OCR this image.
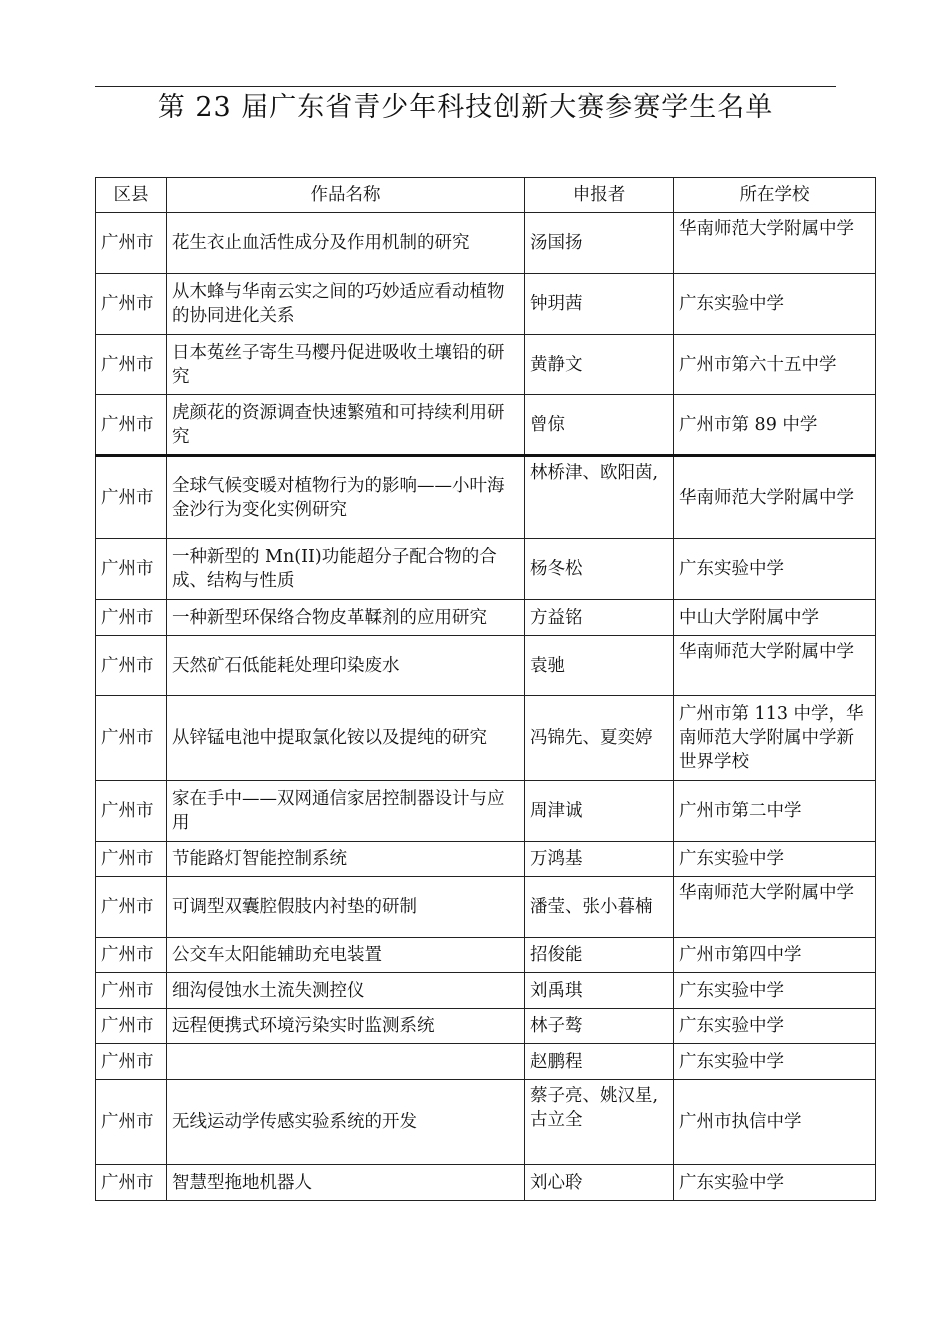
第 23 届广东省青少年科技创新大赛参赛学生名单
区县	作品名称	申报者	所在学校
广州市	花生衣止血活性成分及作用机制的研究	汤国扬	华南师范大学附属中学
广州市	从木蜂与华南云实之间的巧妙适应看动植物的协同进化关系	钟玥茜	广东实验中学
广州市	日本菟丝子寄生马樱丹促进吸收土壤铅的研究	黄静文	广州市第六十五中学
广州市	虎颜花的资源调查快速繁殖和可持续利用研究	曾倞	广州市第 89 中学
广州市	全球气候变暖对植物行为的影响——小叶海金沙行为变化实例研究	林桥津、欧阳茵,	华南师范大学附属中学
广州市	一种新型的 Mn(II)功能超分子配合物的合成、结构与性质	杨冬松	广东实验中学
广州市	一种新型环保络合物皮革鞣剂的应用研究	方益铭	中山大学附属中学
广州市	天然矿石低能耗处理印染废水	袁驰	华南师范大学附属中学
广州市	从锌锰电池中提取氯化铵以及提纯的研究	冯锦先、夏奕婷	广州市第 113 中学，华南师范大学附属中学新世界学校
广州市	家在手中——双网通信家居控制器设计与应用	周津诚	广州市第二中学
广州市	节能路灯智能控制系统	万鸿基	广东实验中学
广州市	可调型双囊腔假肢内衬垫的研制	潘莹、张小暮楠	华南师范大学附属中学
广州市	公交车太阳能辅助充电装置	招俊能	广州市第四中学
广州市	细沟侵蚀水土流失测控仪	刘禹琪	广东实验中学
广州市	远程便携式环境污染实时监测系统	林子骜	广东实验中学
广州市		赵鹏程	广东实验中学
广州市	无线运动学传感实验系统的开发	蔡子亮、姚汉星,古立全	广州市执信中学
广州市	智慧型拖地机器人	刘心聆	广东实验中学
